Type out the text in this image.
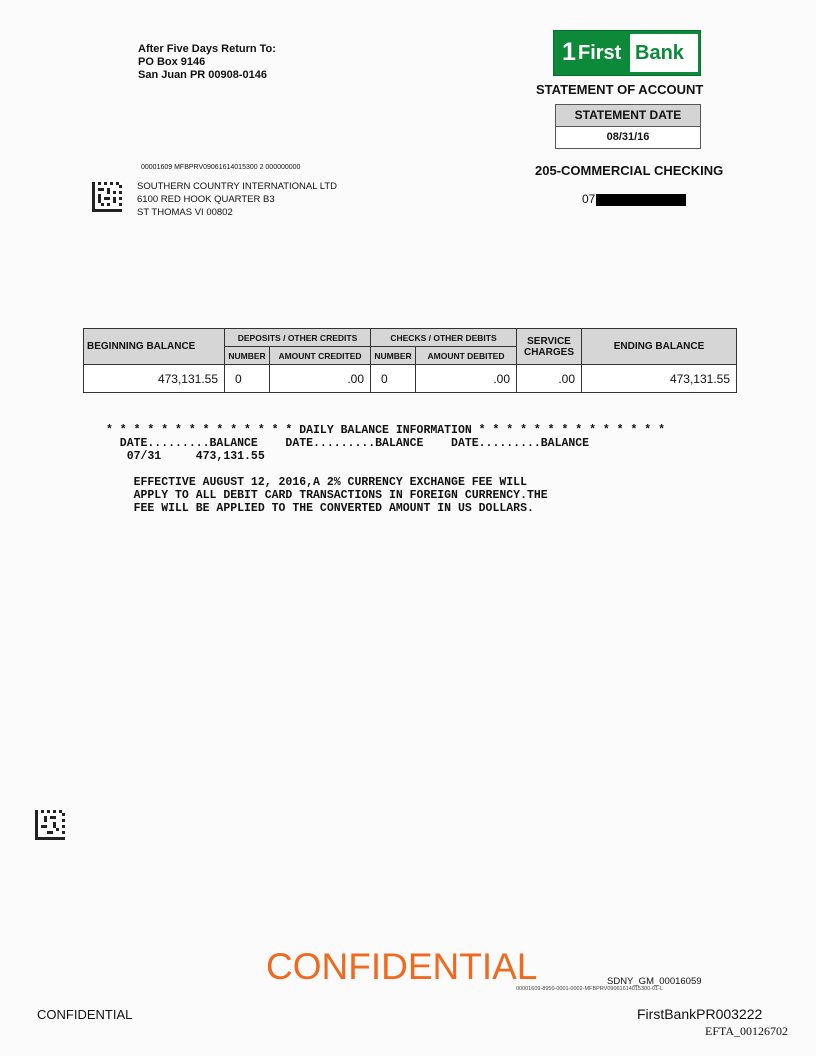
After Five Days Return To:
PO Box 9146
San Juan PR 00908-0146
1 First Bank
STATEMENT OF ACCOUNT
STATEMENT DATE
08/31/16
205-COMMERCIAL CHECKING
07
00001609 MFBPRV09061614015300 2 000000000
SOUTHERN COUNTRY INTERNATIONAL LTD
6100 RED HOOK QUARTER B3
ST THOMAS VI 00802
BEGINNING BALANCE	DEPOSITS / OTHER CREDITS		CHECKS / OTHER DEBITS		SERVICE CHARGES	ENDING BALANCE
	NUMBER	AMOUNT CREDITED	NUMBER	AMOUNT DEBITED		
473,131.55	0	.00	0	.00	.00	473,131.55
* * * * * * * * * * * * * * DAILY BALANCE INFORMATION * * * * * * * * * * * * * *
DATE.........BALANCE    DATE.........BALANCE    DATE.........BALANCE
07/31     473,131.55
EFFECTIVE AUGUST 12, 2016,A 2% CURRENCY EXCHANGE FEE WILL
APPLY TO ALL DEBIT CARD TRANSACTIONS IN FOREIGN CURRENCY.THE
FEE WILL BE APPLIED TO THE CONVERTED AMOUNT IN US DOLLARS.
CONFIDENTIAL	SDNY_GM_00016059
00001609-8950-0001-0002-MFBPRV09061614015300-01-L
CONFIDENTIAL	FirstBankPR003222
EFTA_00126702
